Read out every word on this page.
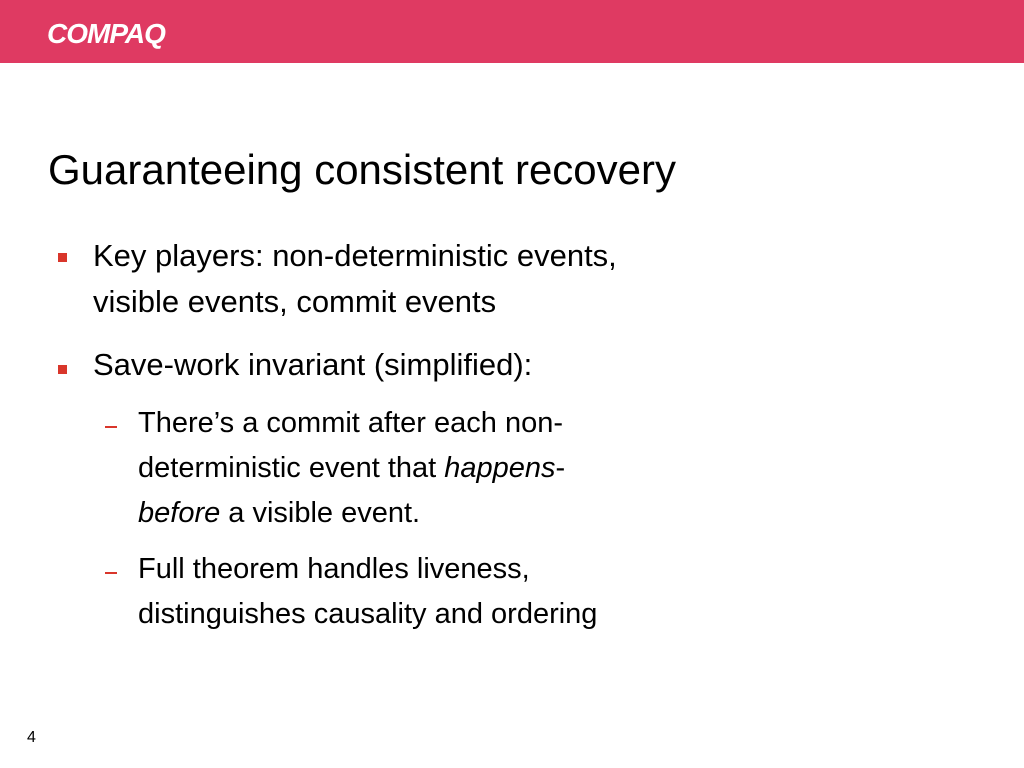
COMPAQ
Guaranteeing consistent recovery
Key players: non-deterministic events,
visible events, commit events
Save-work invariant (simplified):
There’s a commit after each non-
deterministic event that happens-
before a visible event.
Full theorem handles liveness,
distinguishes causality and ordering
4
